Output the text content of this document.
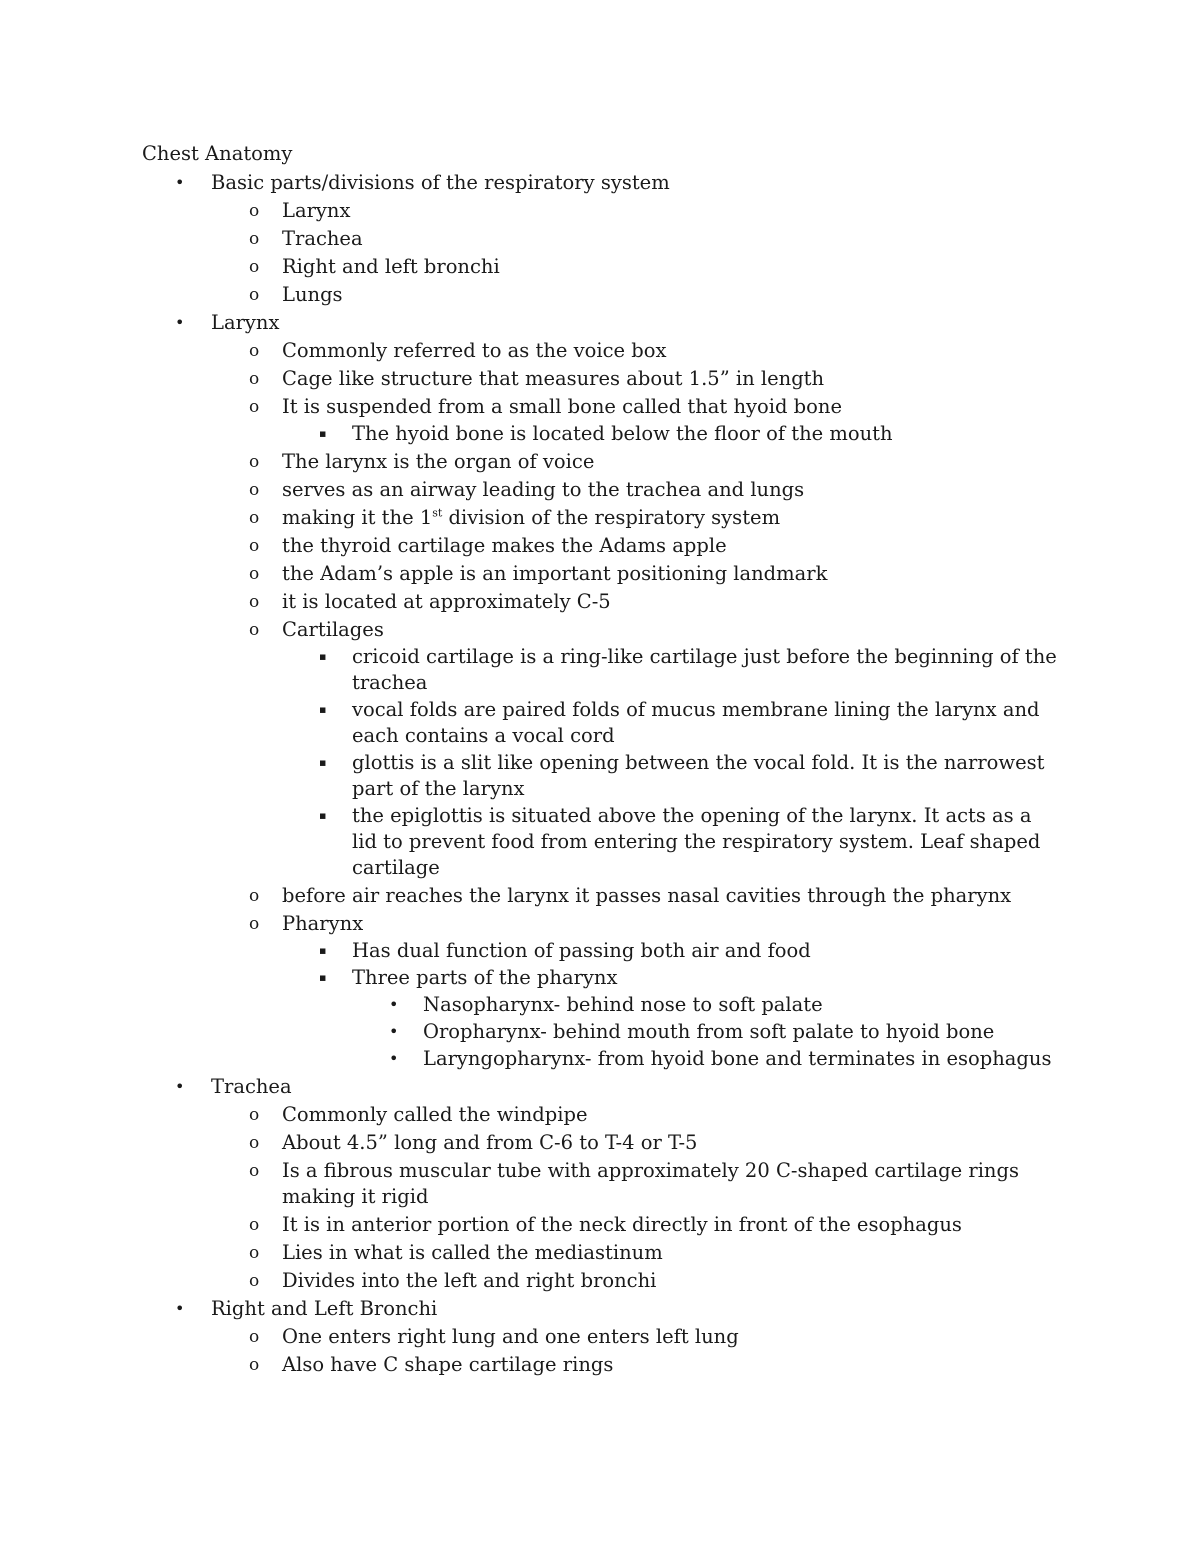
Chest Anatomy
• Basic parts/divisions of the respiratory system
o Larynx
o Trachea
o Right and left bronchi
o Lungs
• Larynx
o Commonly referred to as the voice box
o Cage like structure that measures about 1.5” in length
o It is suspended from a small bone called that hyoid bone
▪ The hyoid bone is located below the floor of the mouth
o The larynx is the organ of voice
o serves as an airway leading to the trachea and lungs
o making it the 1st division of the respiratory system
o the thyroid cartilage makes the Adams apple
o the Adam’s apple is an important positioning landmark
o it is located at approximately C-5
o Cartilages
▪ cricoid cartilage is a ring-like cartilage just before the beginning of the trachea
▪ vocal folds are paired folds of mucus membrane lining the larynx and each contains a vocal cord
▪ glottis is a slit like opening between the vocal fold. It is the narrowest part of the larynx
▪ the epiglottis is situated above the opening of the larynx. It acts as a lid to prevent food from entering the respiratory system. Leaf shaped cartilage
o before air reaches the larynx it passes nasal cavities through the pharynx
o Pharynx
▪ Has dual function of passing both air and food
▪ Three parts of the pharynx
• Nasopharynx- behind nose to soft palate
• Oropharynx- behind mouth from soft palate to hyoid bone
• Laryngopharynx- from hyoid bone and terminates in esophagus
• Trachea
o Commonly called the windpipe
o About 4.5” long and from C-6 to T-4 or T-5
o Is a fibrous muscular tube with approximately 20 C-shaped cartilage rings making it rigid
o It is in anterior portion of the neck directly in front of the esophagus
o Lies in what is called the mediastinum
o Divides into the left and right bronchi
• Right and Left Bronchi
o One enters right lung and one enters left lung
o Also have C shape cartilage rings
